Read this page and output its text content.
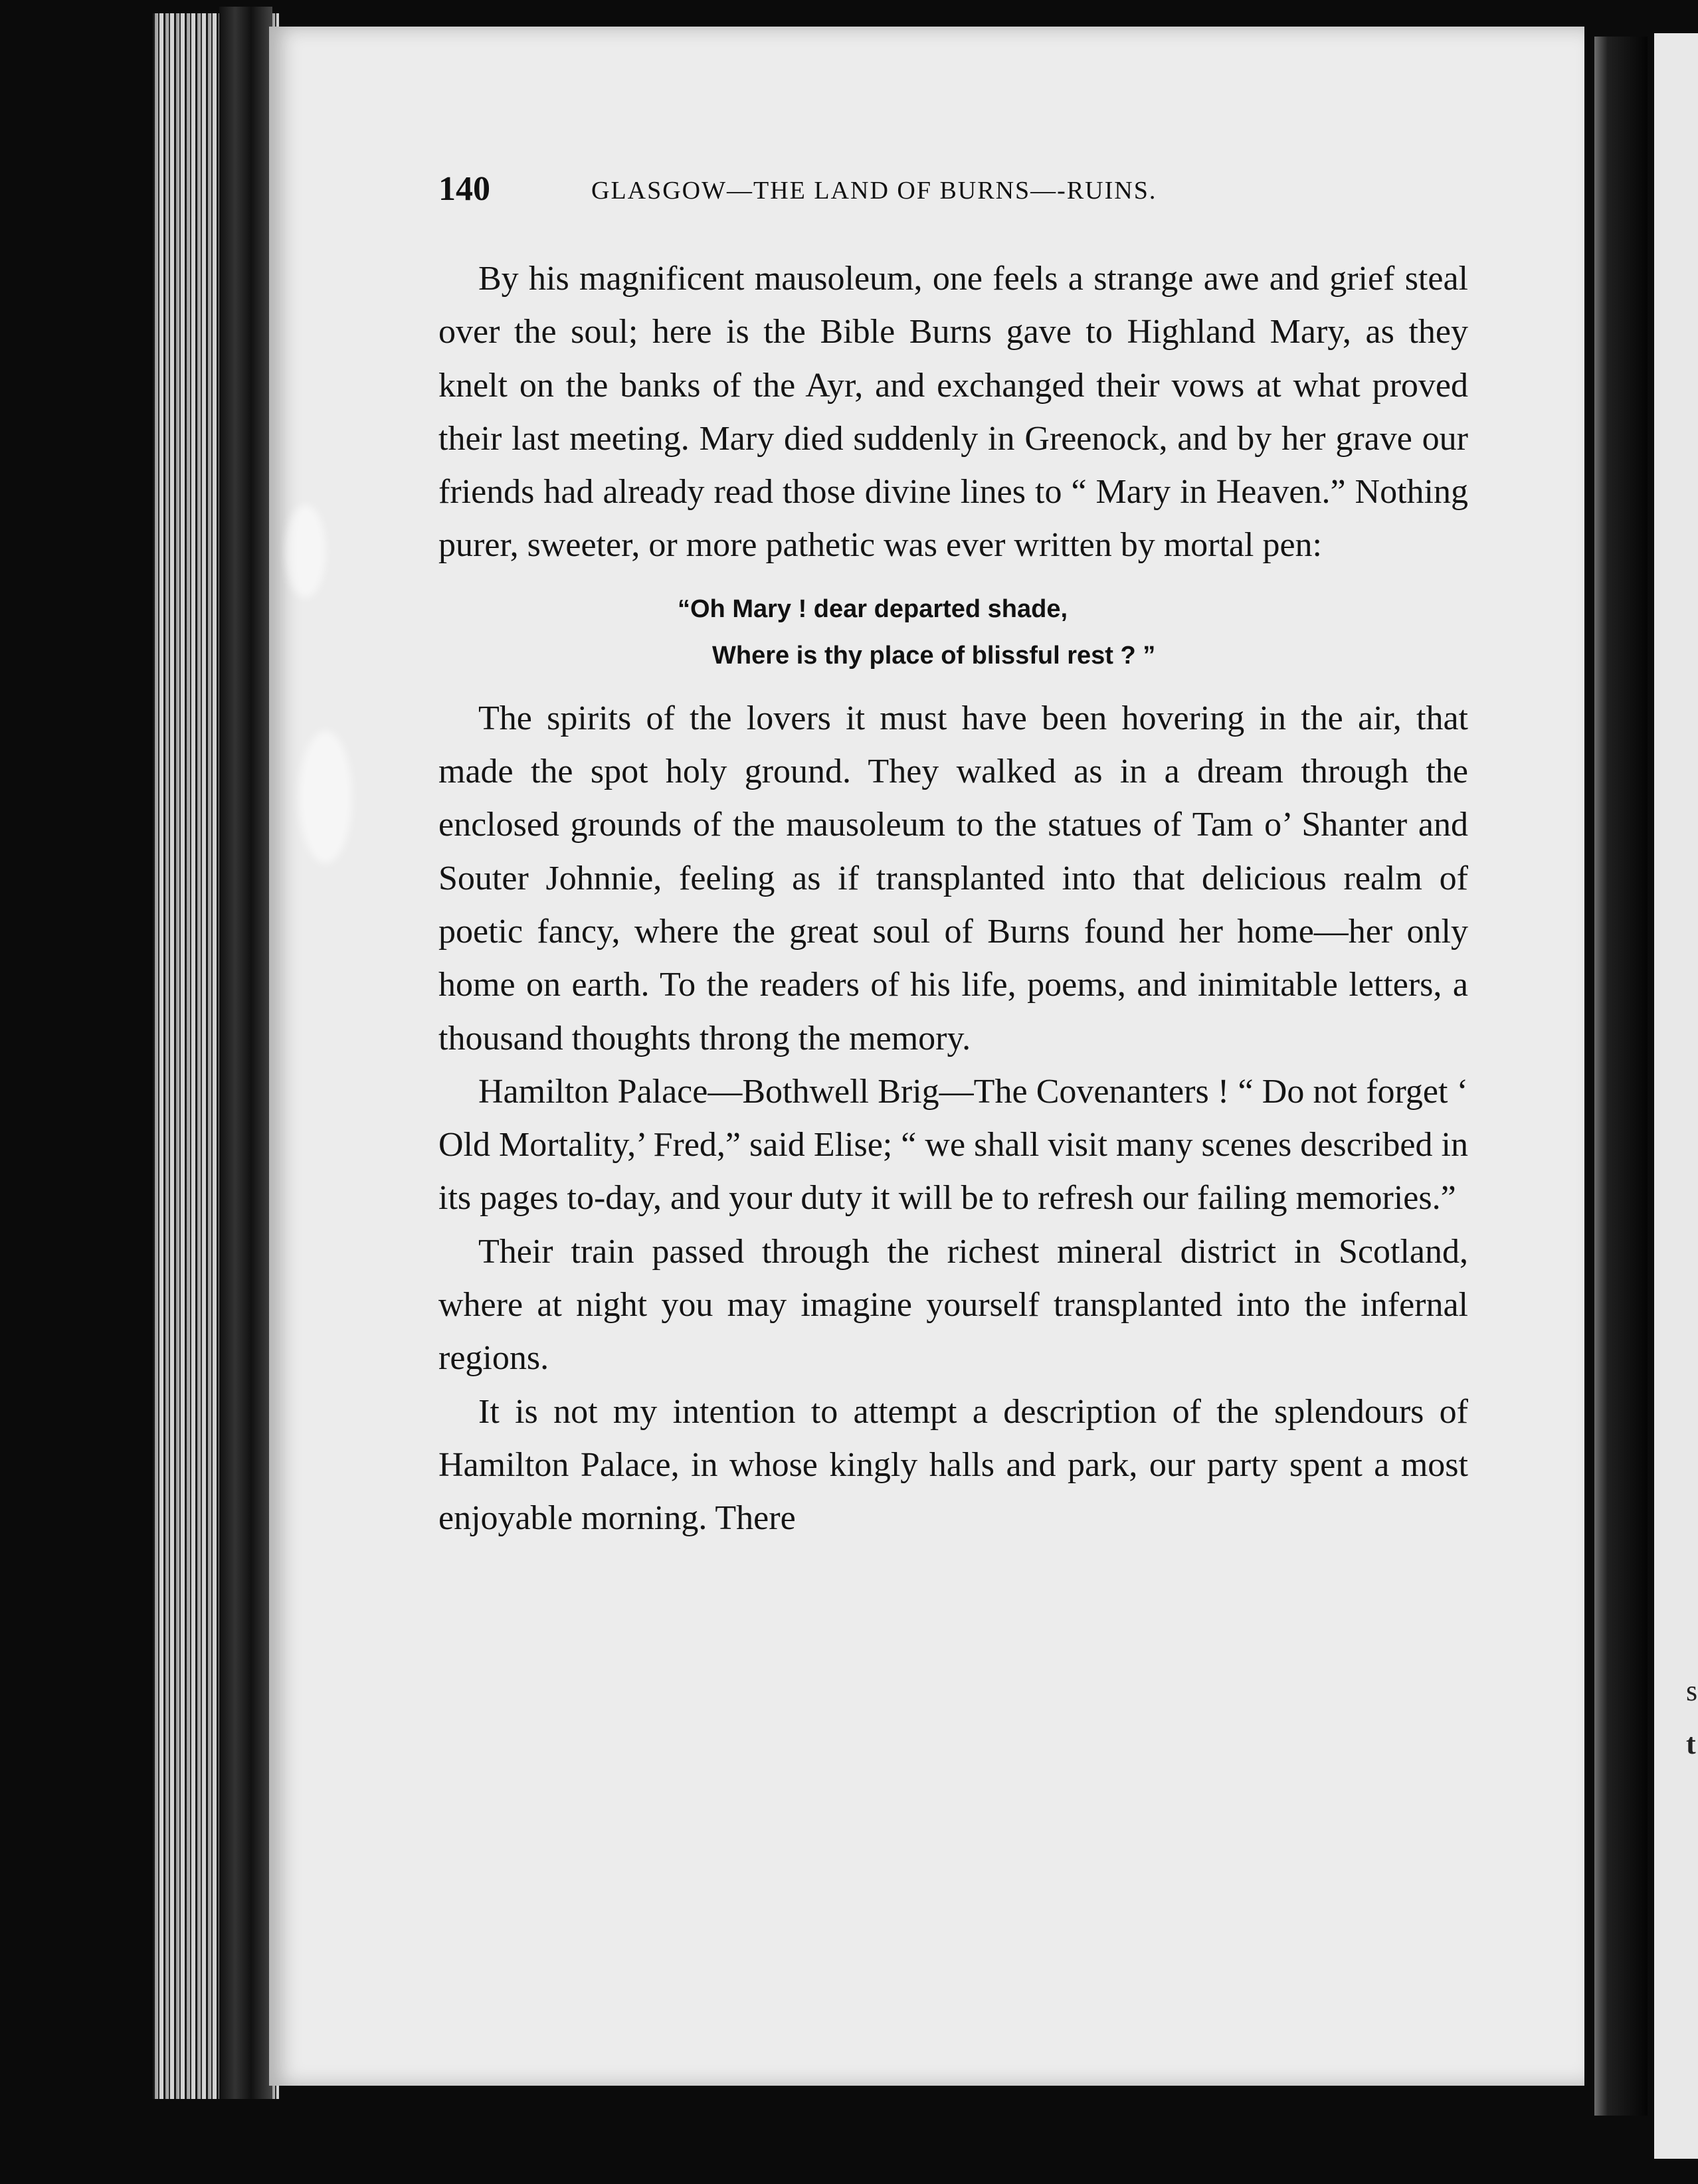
s
t
140	GLASGOW—THE LAND OF BURNS—-RUINS.

By his magnificent mausoleum, one feels a strange awe and grief steal over the soul; here is the Bible Burns gave to Highland Mary, as they knelt on the banks of the Ayr, and exchanged their vows at what proved their last meeting. Mary died suddenly in Greenock, and by her grave our friends had already read those divine lines to “ Mary in Heaven.” Nothing purer, sweeter, or more pathetic was ever written by mortal pen:

“Oh Mary ! dear departed shade,
Where is thy place of blissful rest ? ”

The spirits of the lovers it must have been hovering in the air, that made the spot holy ground. They walked as in a dream through the enclosed grounds of the mausoleum to the statues of Tam o’ Shanter and Souter Johnnie, feeling as if transplanted into that delicious realm of poetic fancy, where the great soul of Burns found her home—her only home on earth. To the readers of his life, poems, and inimitable letters, a thousand thoughts throng the memory.

Hamilton Palace—Bothwell Brig—The Covenanters ! “ Do not forget ‘ Old Mortality,’ Fred,” said Elise; “ we shall visit many scenes described in its pages to-day, and your duty it will be to refresh our failing memories.”

Their train passed through the richest mineral district in Scotland, where at night you may imagine yourself transplanted into the infernal regions.

It is not my intention to attempt a description of the splendours of Hamilton Palace, in whose kingly halls and park, our party spent a most enjoyable morning. There
